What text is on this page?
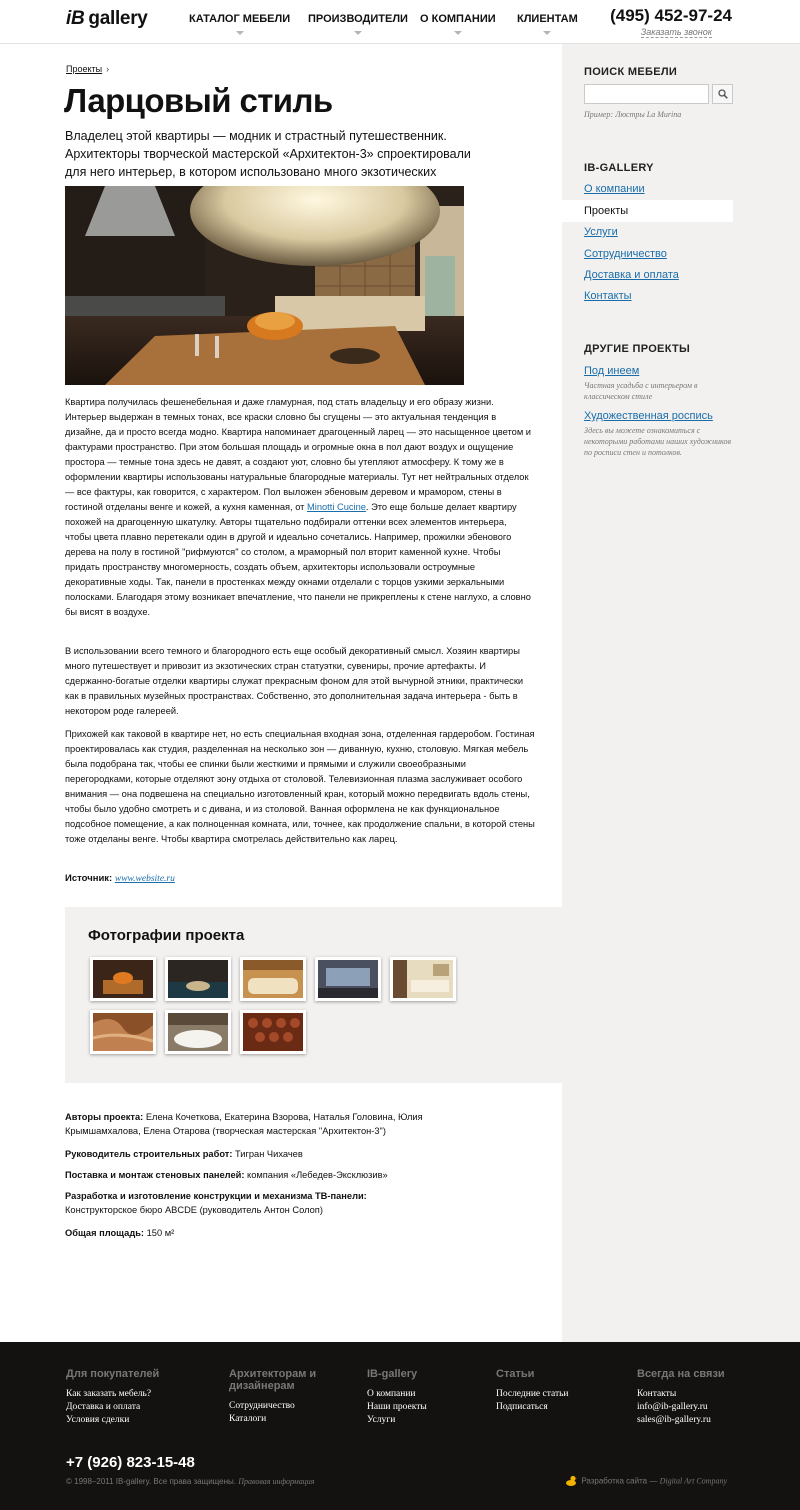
iB gallery	КАТАЛОГ МЕБЕЛИ ПРОИЗВОДИТЕЛИ О КОМПАНИИ КЛИЕНТАМ (495) 452-97-24
Заказать звонок
Проекты ›
Ларцовый стиль

Владелец этой квартиры — модник и страстный путешественник. Архитекторы творческой мастерской «Архитектон-3» спроектировали для него интерьер, в котором использовано много экзотических

Квартира получилась фешенебельная и даже гламурная, под стать владельцу и его образу жизни. Интерьер выдержан в темных тонах, все краски словно бы сгущены — это актуальная тенденция в дизайне, да и просто всегда модно. Квартира напоминает драгоценный ларец — это насыщенное цветом и фактурами пространство. При этом большая площадь и огромные окна в пол дают воздух и ощущение простора — темные тона здесь не давят, а создают уют, словно бы утепляют атмосферу. К тому же в оформлении квартиры использованы натуральные благородные материалы. Тут нет нейтральных отделок — все фактуры, как говорится, с характером. Пол выложен эбеновым деревом и мрамором, стены в гостиной отделаны венге и кожей, а кухня каменная, от Minotti Cucine. Это еще больше делает квартиру похожей на драгоценную шкатулку. Авторы тщательно подбирали оттенки всех элементов интерьера, чтобы цвета плавно перетекали один в другой и идеально сочетались. Например, прожилки эбенового дерева на полу в гостиной "рифмуются" со столом, а мраморный пол вторит каменной кухне. Чтобы придать пространству многомерность, создать объем, архитекторы использовали остроумные декоративные ходы. Так, панели в простенках между окнами отделали с торцов узкими зеркальными полосками. Благодаря этому возникает впечатление, что панели не прикреплены к стене наглухо, а словно бы висят в воздухе.
В использовании всего темного и благородного есть еще особый декоративный смысл. Хозяин квартиры много путешествует и привозит из экзотических стран статуэтки, сувениры, прочие артефакты. И сдержанно-богатые отделки квартиры служат прекрасным фоном для этой вычурной этники, практически как в правильных музейных пространствах. Собственно, это дополнительная задача интерьера - быть в некотором роде галереей.
Прихожей как таковой в квартире нет, но есть специальная входная зона, отделенная гардеробом. Гостиная проектировалась как студия, разделенная на несколько зон — диванную, кухню, столовую. Мягкая мебель была подобрана так, чтобы ее спинки были жесткими и прямыми и служили своеобразными перегородками, которые отделяют зону отдыха от столовой. Телевизионная плазма заслуживает особого внимания — она подвешена на специально изготовленный кран, который можно передвигать вдоль стены, чтобы было удобно смотреть и с дивана, и из столовой. Ванная оформлена не как функциональное подсобное помещение, а как полноценная комната, или, точнее, как продолжение спальни, в которой стены тоже отделаны венге. Чтобы квартира смотрелась действительно как ларец.
Источник: www.website.ru
Фотографии проекта
Авторы проекта: Елена Кочеткова, Екатерина Взорова, Наталья Головина, Юлия Крымшамхалова, Елена Отарова (творческая мастерская "Архитектон-3")
Руководитель строительных работ: Тигран Чихачев
Поставка и монтаж стеновых панелей: компания «Лебедев-Эксклюзив»
Разработка и изготовление конструкции и механизма ТВ-панели:
Конструкторское бюро ABCDE (руководитель Антон Солоп)
Общая площадь: 150 м²
ПОИСК МЕБЕЛИ
Пример: Люстры La Murina
IB-GALLERY
О компании
Проекты
Услуги
Сотрудничество
Доставка и оплата
Контакты
ДРУГИЕ ПРОЕКТЫ
Под инеем
Частная усадьба с интерьером в классическом стиле
Художественная роспись
Здесь вы можете ознакомиться с некоторыми работами наших художников по росписи стен и потолков.
Для покупателей
Как заказать мебель?
Доставка и оплата
Условия сделки
Архитекторам и дизайнерам
Сотрудничество
Каталоги
IB-gallery
О компании
Наши проекты
Услуги
Статьи
Последние статьи
Подписаться
Всегда на связи
Контакты
info@ib-gallery.ru
sales@ib-gallery.ru
+7 (926) 823-15-48
© 1998–2011 IB-gallery. Все права защищены. Правовая информация	Разработка сайта — Digital Art Company
